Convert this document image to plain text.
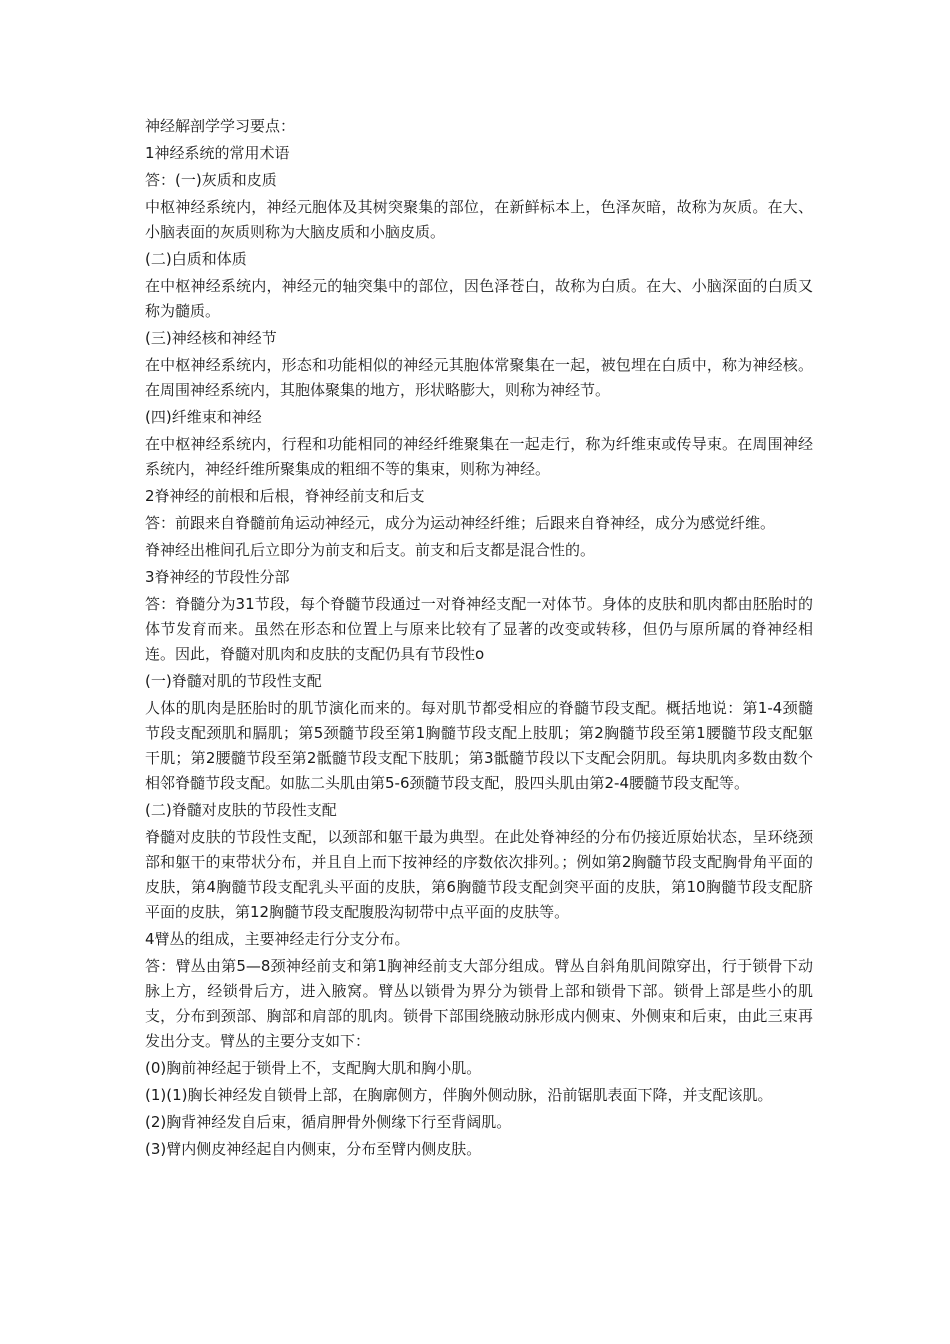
神经解剖学学习要点：

1神经系统的常用术语

答：(一)灰质和皮质

中枢神经系统内，神经元胞体及其树突聚集的部位，在新鲜标本上，色泽灰暗，故称为灰质。在大、小脑表面的灰质则称为大脑皮质和小脑皮质。

(二)白质和体质

在中枢神经系统内，神经元的轴突集中的部位，因色泽苍白，故称为白质。在大、小脑深面的白质又称为髓质。

(三)神经核和神经节

在中枢神经系统内，形态和功能相似的神经元其胞体常聚集在一起，被包埋在白质中，称为神经核。在周围神经系统内，其胞体聚集的地方，形状略膨大，则称为神经节。

(四)纤维束和神经

在中枢神经系统内，行程和功能相同的神经纤维聚集在一起走行，称为纤维束或传导束。在周围神经系统内，神经纤维所聚集成的粗细不等的集束，则称为神经。

2脊神经的前根和后根，脊神经前支和后支

答：前跟来自脊髓前角运动神经元，成分为运动神经纤维；后跟来自脊神经，成分为感觉纤维。

脊神经出椎间孔后立即分为前支和后支。前支和后支都是混合性的。

3脊神经的节段性分部

答：脊髓分为31节段，每个脊髓节段通过一对脊神经支配一对体节。身体的皮肤和肌肉都由胚胎时的体节发育而来。虽然在形态和位置上与原来比较有了显著的改变或转移，但仍与原所属的脊神经相连。因此，脊髓对肌肉和皮肤的支配仍具有节段性o

(一)脊髓对肌的节段性支配

人体的肌肉是胚胎时的肌节演化而来的。每对肌节都受相应的脊髓节段支配。概括地说：第1-4颈髓节段支配颈肌和膈肌；第5颈髓节段至第1胸髓节段支配上肢肌；第2胸髓节段至第1腰髓节段支配躯干肌；第2腰髓节段至第2骶髓节段支配下肢肌；第3骶髓节段以下支配会阴肌。每块肌肉多数由数个相邻脊髓节段支配。如肱二头肌由第5-6颈髓节段支配，股四头肌由第2-4腰髓节段支配等。

(二)脊髓对皮肤的节段性支配

脊髓对皮肤的节段性支配，以颈部和躯干最为典型。在此处脊神经的分布仍接近原始状态，呈环绕颈部和躯干的束带状分布，并且自上而下按神经的序数依次排列。；例如第2胸髓节段支配胸骨角平面的皮肤，第4胸髓节段支配乳头平面的皮肤，第6胸髓节段支配剑突平面的皮肤，第10胸髓节段支配脐平面的皮肤，第12胸髓节段支配腹股沟韧带中点平面的皮肤等。

4臂丛的组成，主要神经走行分支分布。

答：臂丛由第5—8颈神经前支和第1胸神经前支大部分组成。臂丛自斜角肌间隙穿出，行于锁骨下动脉上方，经锁骨后方，进入腋窝。臂丛以锁骨为界分为锁骨上部和锁骨下部。锁骨上部是些小的肌支，分布到颈部、胸部和肩部的肌肉。锁骨下部围绕腋动脉形成内侧束、外侧束和后束，由此三束再发出分支。臂丛的主要分支如下：

(0)胸前神经起于锁骨上不，支配胸大肌和胸小肌。

(1)(1)胸长神经发自锁骨上部，在胸廓侧方，伴胸外侧动脉，沿前锯肌表面下降，并支配该肌。

(2)胸背神经发自后束，循肩胛骨外侧缘下行至背阔肌。

(3)臂内侧皮神经起自内侧束，分布至臂内侧皮肤。
